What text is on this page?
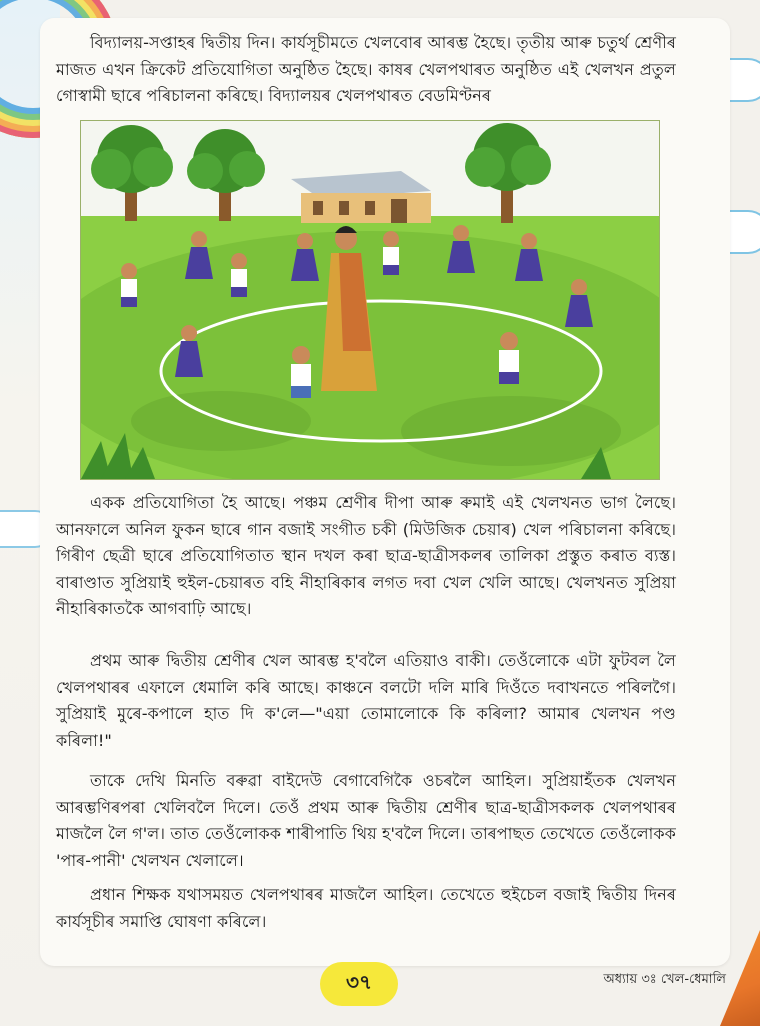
বিদ্যালয়-সপ্তাহৰ দ্বিতীয় দিন। কাৰ্যসূচীমতে খেলবোৰ আৰম্ভ হৈছে। তৃতীয় আৰু চতুৰ্থ শ্ৰেণীৰ মাজত এখন ক্ৰিকেট প্ৰতিযোগিতা অনুষ্ঠিত হৈছে। কাষৰ খেলপথাৰত অনুষ্ঠিত এই খেলখন প্ৰতুল গোস্বামী ছাৰে পৰিচালনা কৰিছে। বিদ্যালয়ৰ খেলপথাৰত বেডমিণ্টনৰ

একক প্ৰতিযোগিতা হৈ আছে। পঞ্চম শ্ৰেণীৰ দীপা আৰু ৰুমাই এই খেলখনত ভাগ লৈছে। আনফালে অনিল ফুকন ছাৰে গান বজাই সংগীত চকী (মিউজিক চেয়াৰ) খেল পৰিচালনা কৰিছে। গিৰীণ ছেত্ৰী ছাৰে প্ৰতিযোগিতাত স্থান দখল কৰা ছাত্ৰ-ছাত্ৰীসকলৰ তালিকা প্ৰস্তুত কৰাত ব্যস্ত। বাৰাণ্ডাত সুপ্ৰিয়াই হুইল-চেয়াৰত বহি নীহাৰিকাৰ লগত দবা খেল খেলি আছে। খেলখনত সুপ্ৰিয়া নীহাৰিকাতকৈ আগবাঢ়ি আছে।

প্ৰথম আৰু দ্বিতীয় শ্ৰেণীৰ খেল আৰম্ভ হ'বলৈ এতিয়াও বাকী। তেওঁলোকে এটা ফুটবল লৈ খেলপথাৰৰ এফালে ধেমালি কৰি আছে। কাঞ্চনে বলটো দলি মাৰি দিওঁতে দবাখনতে পৰিলগৈ। সুপ্ৰিয়াই মুৰে-কপালে হাত দি ক'লে—"এয়া তোমালোকে কি কৰিলা? আমাৰ খেলখন পণ্ড কৰিলা!"

তাকে দেখি মিনতি বৰুৱা বাইদেউ বেগাবেগিকৈ ওচৰলৈ আহিল। সুপ্ৰিয়াহঁতক খেলখন আৰম্ভণিৰপৰা খেলিবলৈ দিলে। তেওঁ প্ৰথম আৰু দ্বিতীয় শ্ৰেণীৰ ছাত্ৰ-ছাত্ৰীসকলক খেলপথাৰৰ মাজলৈ লৈ গ'ল। তাত তেওঁলোকক শাৰীপাতি থিয় হ'বলৈ দিলে। তাৰপাছত তেখেতে তেওঁলোকক 'পাৰ-পানী' খেলখন খেলালে।

প্ৰধান শিক্ষক যথাসময়ত খেলপথাৰৰ মাজলৈ আহিল। তেখেতে হুইচেল বজাই দ্বিতীয় দিনৰ কাৰ্যসূচীৰ সমাপ্তি ঘোষণা কৰিলে।

৩৭	অধ্যায় ৩ঃ খেল-ধেমালি
